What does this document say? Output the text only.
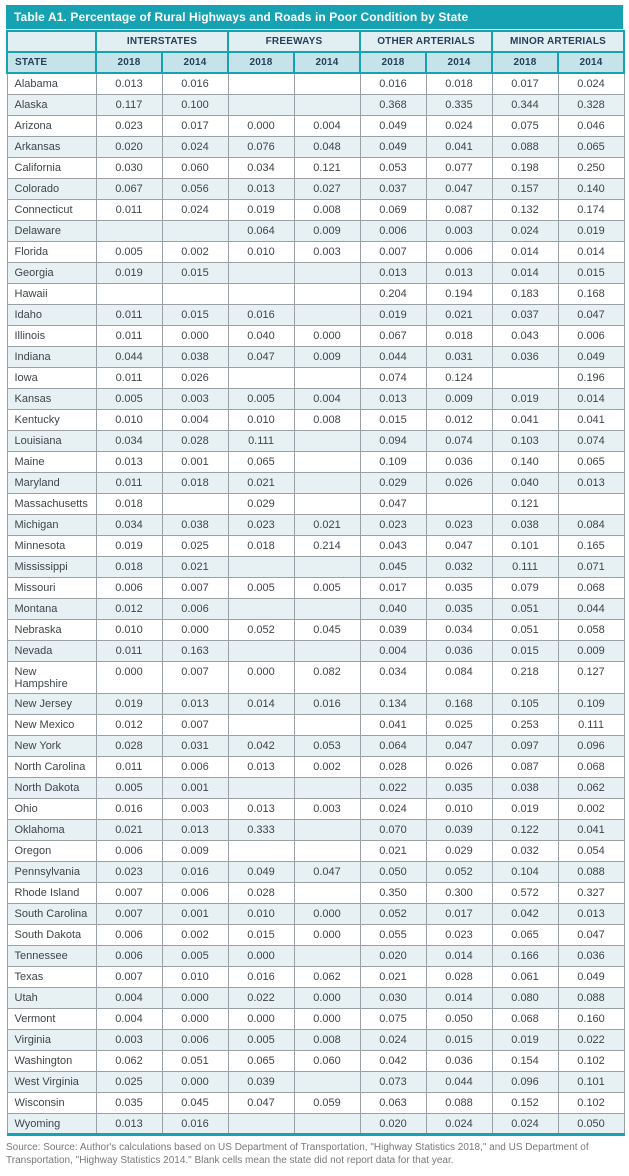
Table A1. Percentage of Rural Highways and Roads in Poor Condition by State
	INTERSTATES		FREEWAYS		OTHER ARTERIALS		MINOR ARTERIALS	
STATE	2018	2014	2018	2014	2018	2014	2018	2014
Alabama	0.013	0.016			0.016	0.018	0.017	0.024
Alaska	0.117	0.100			0.368	0.335	0.344	0.328
Arizona	0.023	0.017	0.000	0.004	0.049	0.024	0.075	0.046
Arkansas	0.020	0.024	0.076	0.048	0.049	0.041	0.088	0.065
California	0.030	0.060	0.034	0.121	0.053	0.077	0.198	0.250
Colorado	0.067	0.056	0.013	0.027	0.037	0.047	0.157	0.140
Connecticut	0.011	0.024	0.019	0.008	0.069	0.087	0.132	0.174
Delaware			0.064	0.009	0.006	0.003	0.024	0.019
Florida	0.005	0.002	0.010	0.003	0.007	0.006	0.014	0.014
Georgia	0.019	0.015			0.013	0.013	0.014	0.015
Hawaii					0.204	0.194	0.183	0.168
Idaho	0.011	0.015	0.016		0.019	0.021	0.037	0.047
Illinois	0.011	0.000	0.040	0.000	0.067	0.018	0.043	0.006
Indiana	0.044	0.038	0.047	0.009	0.044	0.031	0.036	0.049
Iowa	0.011	0.026			0.074	0.124		0.196
Kansas	0.005	0.003	0.005	0.004	0.013	0.009	0.019	0.014
Kentucky	0.010	0.004	0.010	0.008	0.015	0.012	0.041	0.041
Louisiana	0.034	0.028	0.111		0.094	0.074	0.103	0.074
Maine	0.013	0.001	0.065		0.109	0.036	0.140	0.065
Maryland	0.011	0.018	0.021		0.029	0.026	0.040	0.013
Massachusetts	0.018		0.029		0.047		0.121	
Michigan	0.034	0.038	0.023	0.021	0.023	0.023	0.038	0.084
Minnesota	0.019	0.025	0.018	0.214	0.043	0.047	0.101	0.165
Mississippi	0.018	0.021			0.045	0.032	0.111	0.071
Missouri	0.006	0.007	0.005	0.005	0.017	0.035	0.079	0.068
Montana	0.012	0.006			0.040	0.035	0.051	0.044
Nebraska	0.010	0.000	0.052	0.045	0.039	0.034	0.051	0.058
Nevada	0.011	0.163			0.004	0.036	0.015	0.009
New Hampshire	0.000	0.007	0.000	0.082	0.034	0.084	0.218	0.127
New Jersey	0.019	0.013	0.014	0.016	0.134	0.168	0.105	0.109
New Mexico	0.012	0.007			0.041	0.025	0.253	0.111
New York	0.028	0.031	0.042	0.053	0.064	0.047	0.097	0.096
North Carolina	0.011	0.006	0.013	0.002	0.028	0.026	0.087	0.068
North Dakota	0.005	0.001			0.022	0.035	0.038	0.062
Ohio	0.016	0.003	0.013	0.003	0.024	0.010	0.019	0.002
Oklahoma	0.021	0.013	0.333		0.070	0.039	0.122	0.041
Oregon	0.006	0.009			0.021	0.029	0.032	0.054
Pennsylvania	0.023	0.016	0.049	0.047	0.050	0.052	0.104	0.088
Rhode Island	0.007	0.006	0.028		0.350	0.300	0.572	0.327
South Carolina	0.007	0.001	0.010	0.000	0.052	0.017	0.042	0.013
South Dakota	0.006	0.002	0.015	0.000	0.055	0.023	0.065	0.047
Tennessee	0.006	0.005	0.000		0.020	0.014	0.166	0.036
Texas	0.007	0.010	0.016	0.062	0.021	0.028	0.061	0.049
Utah	0.004	0.000	0.022	0.000	0.030	0.014	0.080	0.088
Vermont	0.004	0.000	0.000	0.000	0.075	0.050	0.068	0.160
Virginia	0.003	0.006	0.005	0.008	0.024	0.015	0.019	0.022
Washington	0.062	0.051	0.065	0.060	0.042	0.036	0.154	0.102
West Virginia	0.025	0.000	0.039		0.073	0.044	0.096	0.101
Wisconsin	0.035	0.045	0.047	0.059	0.063	0.088	0.152	0.102
Wyoming	0.013	0.016			0.020	0.024	0.024	0.050
Source: Source: Author's calculations based on US Department of Transportation, "Highway Statistics 2018," and US Department of Transportation, "Highway Statistics 2014." Blank cells mean the state did not report data for that year.
